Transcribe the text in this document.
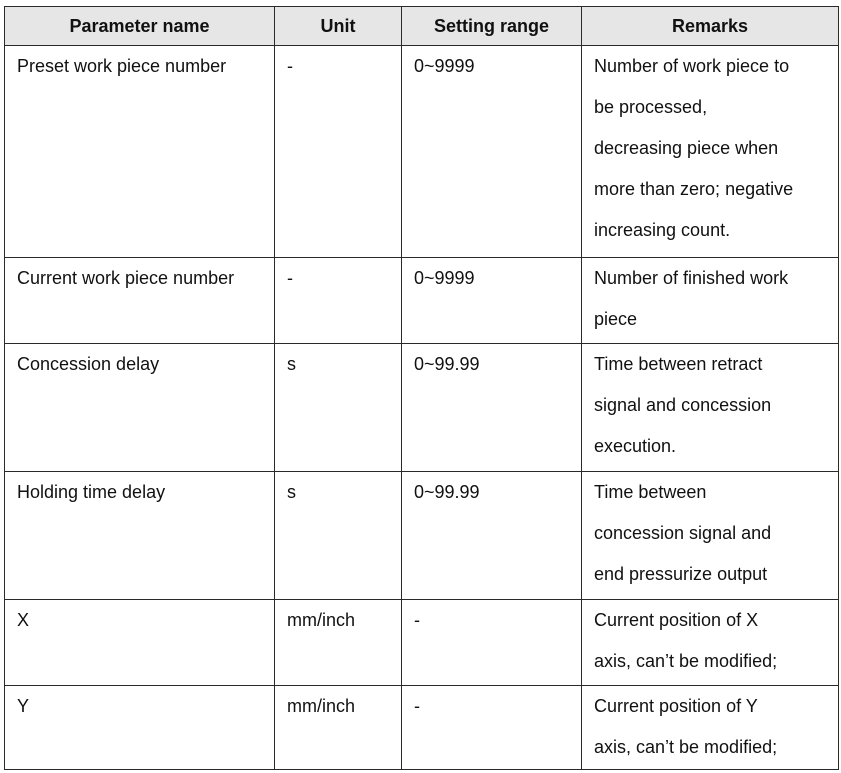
Parameter name	Unit	Setting range	Remarks

Preset work piece number	-	0~9999	Number of work piece to
be processed,
decreasing piece when
more than zero; negative
increasing count.

Current work piece number	-	0~9999	Number of finished work
piece

Concession delay	s	0~99.99	Time between retract
signal and concession
execution.

Holding time delay	s	0~99.99	Time between
concession signal and
end pressurize output

X	mm/inch	-	Current position of X
axis, can’t be modified;

Y	mm/inch	-	Current position of Y
axis, can’t be modified;
